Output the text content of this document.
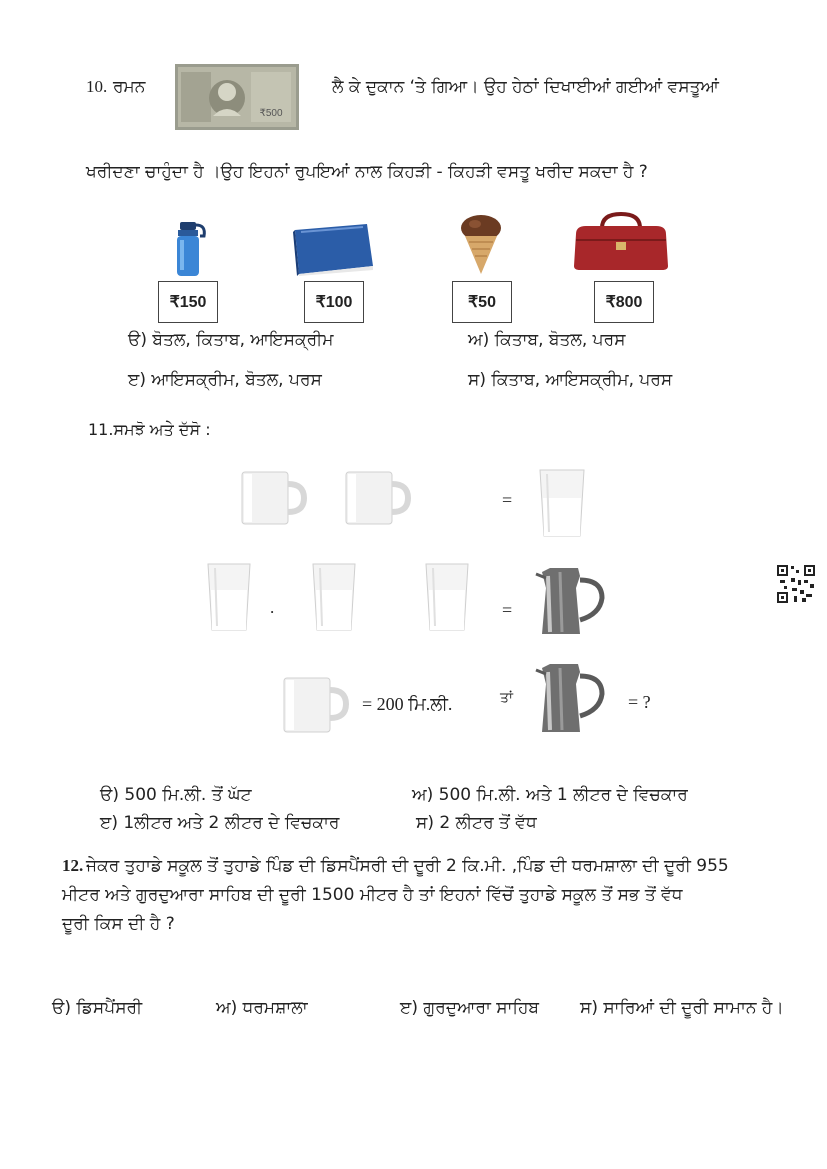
10. ਰਮਨ
₹500
ਲੈ ਕੇ ਦੁਕਾਨ ‘ਤੇ ਗਿਆ। ਉਹ ਹੇਠਾਂ ਦਿਖਾਈਆਂ ਗਈਆਂ ਵਸਤੂਆਂ
ਖਰੀਦਣਾ ਚਾਹੁੰਦਾ ਹੈ ।ਉਹ ਇਹਨਾਂ ਰੁਪਇਆਂ ਨਾਲ ਕਿਹੜੀ - ਕਿਹੜੀ ਵਸਤੂ ਖਰੀਦ ਸਕਦਾ ਹੈ ?
₹150	₹100	₹50	₹800
ੳ) ਬੋਤਲ, ਕਿਤਾਬ, ਆਇਸਕ੍ਰੀਮ	ਅ) ਕਿਤਾਬ, ਬੋਤਲ, ਪਰਸ
ੲ) ਆਇਸਕ੍ਰੀਮ, ਬੋਤਲ, ਪਰਸ	ਸ) ਕਿਤਾਬ, ਆਇਸਕ੍ਰੀਮ, ਪਰਸ
11.ਸਮਝੋ ਅਤੇ ਦੱਸੋ :
=
.	=
= 200 ਮਿ.ਲੀ.	ਤਾਂ	= ?
ੳ) 500 ਮਿ.ਲੀ. ਤੋਂ ਘੱਟ	ਅ) 500 ਮਿ.ਲੀ. ਅਤੇ 1 ਲੀਟਰ ਦੇ ਵਿਚਕਾਰ
ੲ) 1ਲੀਟਰ ਅਤੇ 2 ਲੀਟਰ ਦੇ ਵਿਚਕਾਰ	ਸ) 2 ਲੀਟਰ ਤੋਂ ਵੱਧ
12. ਜੇਕਰ ਤੁਹਾਡੇ ਸਕੂਲ ਤੋਂ ਤੁਹਾਡੇ ਪਿੰਡ ਦੀ ਡਿਸਪੈਂਸਰੀ ਦੀ ਦੂਰੀ 2 ਕਿ.ਮੀ. ,ਪਿੰਡ ਦੀ ਧਰਮਸ਼ਾਲਾ ਦੀ ਦੂਰੀ 955
ਮੀਟਰ ਅਤੇ ਗੁਰਦੁਆਰਾ ਸਾਹਿਬ ਦੀ ਦੂਰੀ 1500 ਮੀਟਰ ਹੈ ਤਾਂ ਇਹਨਾਂ ਵਿੱਚੋਂ ਤੁਹਾਡੇ ਸਕੂਲ ਤੋਂ ਸਭ ਤੋਂ ਵੱਧ
ਦੂਰੀ ਕਿਸ ਦੀ ਹੈ ?
ੳ) ਡਿਸਪੈਂਸਰੀ	ਅ) ਧਰਮਸ਼ਾਲਾ	ੲ) ਗੁਰਦੁਆਰਾ ਸਾਹਿਬ ਸ) ਸਾਰਿਆਂ ਦੀ ਦੂਰੀ ਸਾਮਾਨ ਹੈ।
